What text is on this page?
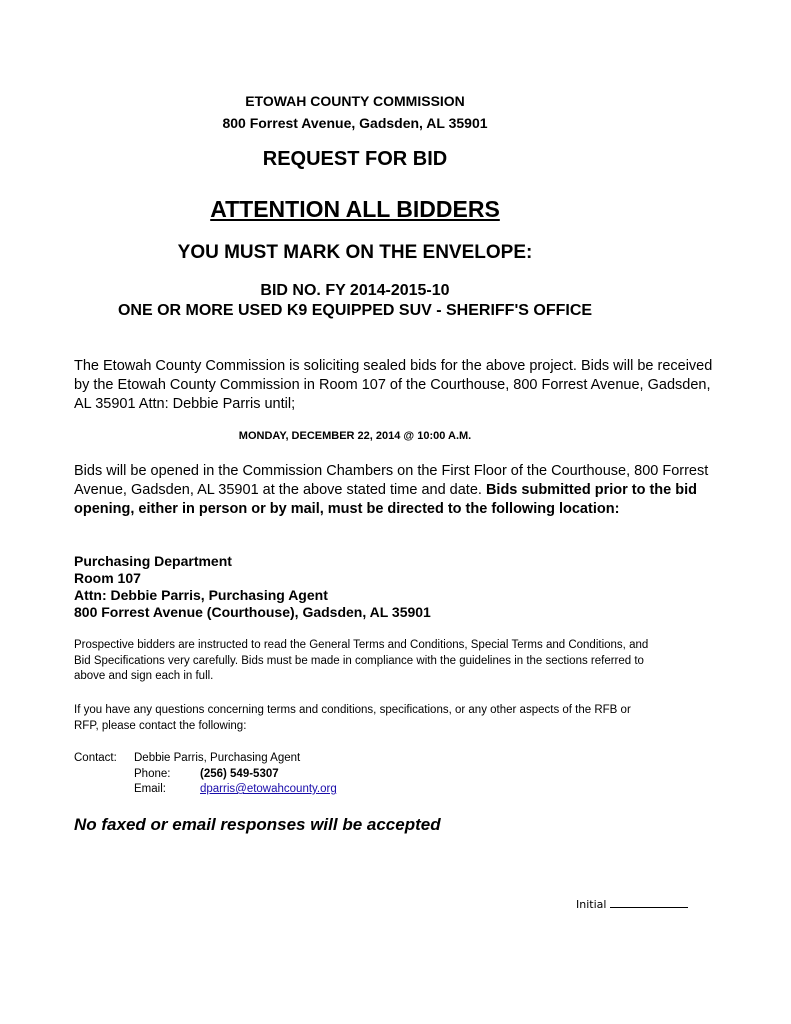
ETOWAH COUNTY COMMISSION

800 Forrest Avenue, Gadsden, AL 35901

REQUEST FOR BID

ATTENTION ALL BIDDERS

YOU MUST MARK ON THE ENVELOPE:

BID NO. FY 2014-2015-10

ONE OR MORE USED K9 EQUIPPED SUV - SHERIFF'S OFFICE

The Etowah County Commission is soliciting sealed bids for the above project. Bids will be received by the Etowah County Commission in Room 107 of the Courthouse, 800 Forrest Avenue, Gadsden, AL 35901 Attn: Debbie Parris until;

MONDAY, DECEMBER 22, 2014 @ 10:00 A.M.

Bids will be opened in the Commission Chambers on the First Floor of the Courthouse, 800 Forrest Avenue, Gadsden, AL 35901 at the above stated time and date. Bids submitted prior to the bid opening, either in person or by mail, must be directed to the following location:

Purchasing Department
Room 107
Attn: Debbie Parris, Purchasing Agent
800 Forrest Avenue (Courthouse), Gadsden, AL 35901

Prospective bidders are instructed to read the General Terms and Conditions, Special Terms and Conditions, and Bid Specifications very carefully. Bids must be made in compliance with the guidelines in the sections referred to above and sign each in full.

If you have any questions concerning terms and conditions, specifications, or any other aspects of the RFB or RFP, please contact the following:

Contact: Debbie Parris, Purchasing Agent
Phone:	(256) 549-5307
Email:	dparris@etowahcounty.org

No faxed or email responses will be accepted

Initial
